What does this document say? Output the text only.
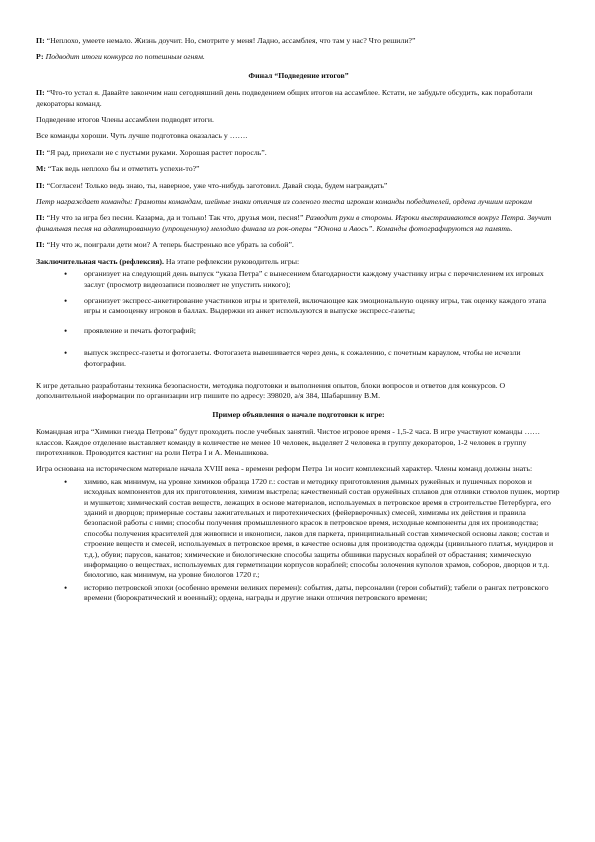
П: “Неплохо, умеете немало. Жизнь доучит. Но, смотрите у меня! Ладно, ассамблея, что там у нас? Что решили?”

Р: Подводит итоги конкурса по потешным огням.

Финал “Подведение итогов”

П: “Что-то устал я. Давайте закончим наш сегодняшний день подведением общих итогов на ассамблее. Кстати, не забудьте обсудить, как поработали декораторы команд.

Подведение итогов Члены ассамблеи подводят итоги.

Все команды хороши. Чуть лучше подготовка оказалась у …….

П: “Я рад, приехали не с пустыми руками. Хорошая растет поросль”.

М: “Так ведь неплохо бы и отметить успехи-то?”

П: “Согласен! Только ведь знаю, ты, наверное, уже что-нибудь заготовил. Давай сюда, будем награждать”

Петр награждает команды: Грамоты командам, шейные знаки отличия из соленого теста игрокам команды победителей, ордена лучшим игрокам

П: “Ну что за игра без песни. Казарма, да и только! Так что, друзья мои, песня!” Разводит руки в стороны. Игроки выстраиваются вокруг Петра. Звучит финальная песня на адаптированную (упрощенную) мелодию финала из рок-оперы “Юнона и Авось”. Команды фотографируются на память.

П: “Ну что ж, поиграли дети мои? А теперь быстренько все убрать за собой”.

Заключительная часть (рефлексия). На этапе рефлексии руководитель игры:

• организует на следующий день выпуск “указа Петра” с вынесением благодарности каждому участнику игры с перечислением их игровых заслуг (просмотр видеозаписи позволяет не упустить никого);
• организует экспресс-анкетирование участников игры и зрителей, включающее как эмоциональную оценку игры, так оценку каждого этапа игры и самооценку игроков в баллах. Выдержки из анкет используются в выпуске экспресс-газеты;
• проявление и печать фотографий;
• выпуск экспресс-газеты и фотогазеты. Фотогазета вывешивается через день, к сожалению, с почетным караулом, чтобы не исчезли фотографии.

К игре детально разработаны техника безопасности, методика подготовки и выполнения опытов, блоки вопросов и ответов для конкурсов. О дополнительной информации по организации игр пишите по адресу: 398020, а/я 384, Шабаршину В.М.

Пример объявления о начале подготовки к игре:

Командная игра “Химики гнезда Петрова” будут проходить после учебных занятий. Чистое игровое время - 1,5-2 часа. В игре участвуют команды …… классов. Каждое отделение выставляет команду в количестве не менее 10 человек, выделяет 2 человека в группу декораторов, 1-2 человек в группу пиротехников. Проводится кастинг на роли Петра I и А. Меньшикова.

Игра основана на историческом материале начала XVIII века - времени реформ Петра 1и носит комплексный характер. Члены команд должны знать:

• химию, как минимум, на уровне химиков образца 1720 г.: состав и методику приготовления дымных ружейных и пушечных порохов и исходных компонентов для их приготовления, химизм выстрела; качественный состав оружейных сплавов для отливки стволов пушек, мортир и мушкетов; химический состав веществ, лежащих в основе материалов, используемых в петровское время в строительстве Петербурга, его зданий и дворцов; примерные составы зажигательных и пиротехнических (фейерверочных) смесей, химизмы их действия и правила безопасной работы с ними; способы получения промышленного красок в петровское время, исходные компоненты для их производства; способы получения красителей для живописи и иконописи, лаков для паркета, принципиальный состав химической основы лаков; состав и строение веществ и смесей, используемых в петровское время, в качестве основы для производства одежды (цивильного платья, мундиров и т.д.), обуви; парусов, канатов; химические и биологические способы защиты обшивки парусных кораблей от обрастания; химическую информацию о веществах, используемых для герметизации корпусов кораблей; способы золочения куполов храмов, соборов, дворцов и т.д. биологию, как минимум, на уровне биологов 1720 г.;
• историю петровской эпохи (особенно времени великих перемен): события, даты, персоналии (герои событий); табели о рангах петровского времени (бюрократический и военный); ордена, награды и другие знаки отличия петровского времени;
